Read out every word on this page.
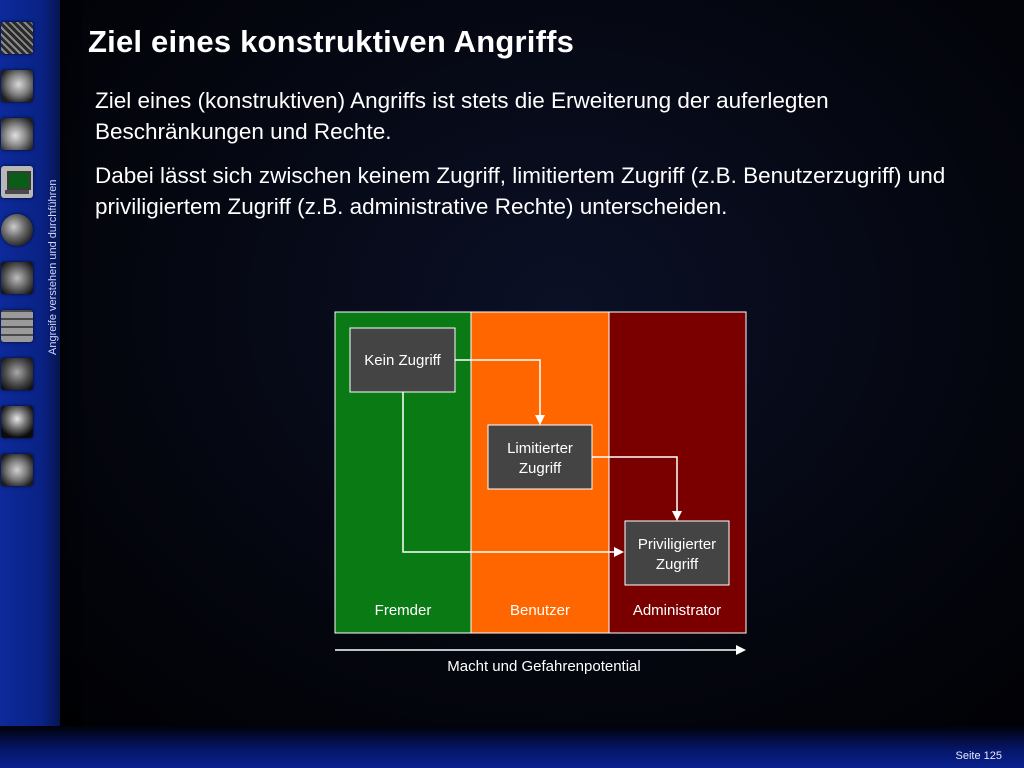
Angreife verstehen und durchführen
Ziel eines konstruktiven Angriffs

Ziel eines (konstruktiven) Angriffs ist stets die Erweiterung der auferlegten Beschränkungen und Rechte.

Dabei lässt sich zwischen keinem Zugriff, limitiertem Zugriff (z.B. Benutzerzugriff) und priviligiertem Zugriff (z.B. administrative Rechte) unterscheiden.

Kein Zugriff
Limitierter
Zugriff
Priviligierter
Zugriff
Fremder	Benutzer	Administrator
Macht und Gefahrenpotential
Seite 125
